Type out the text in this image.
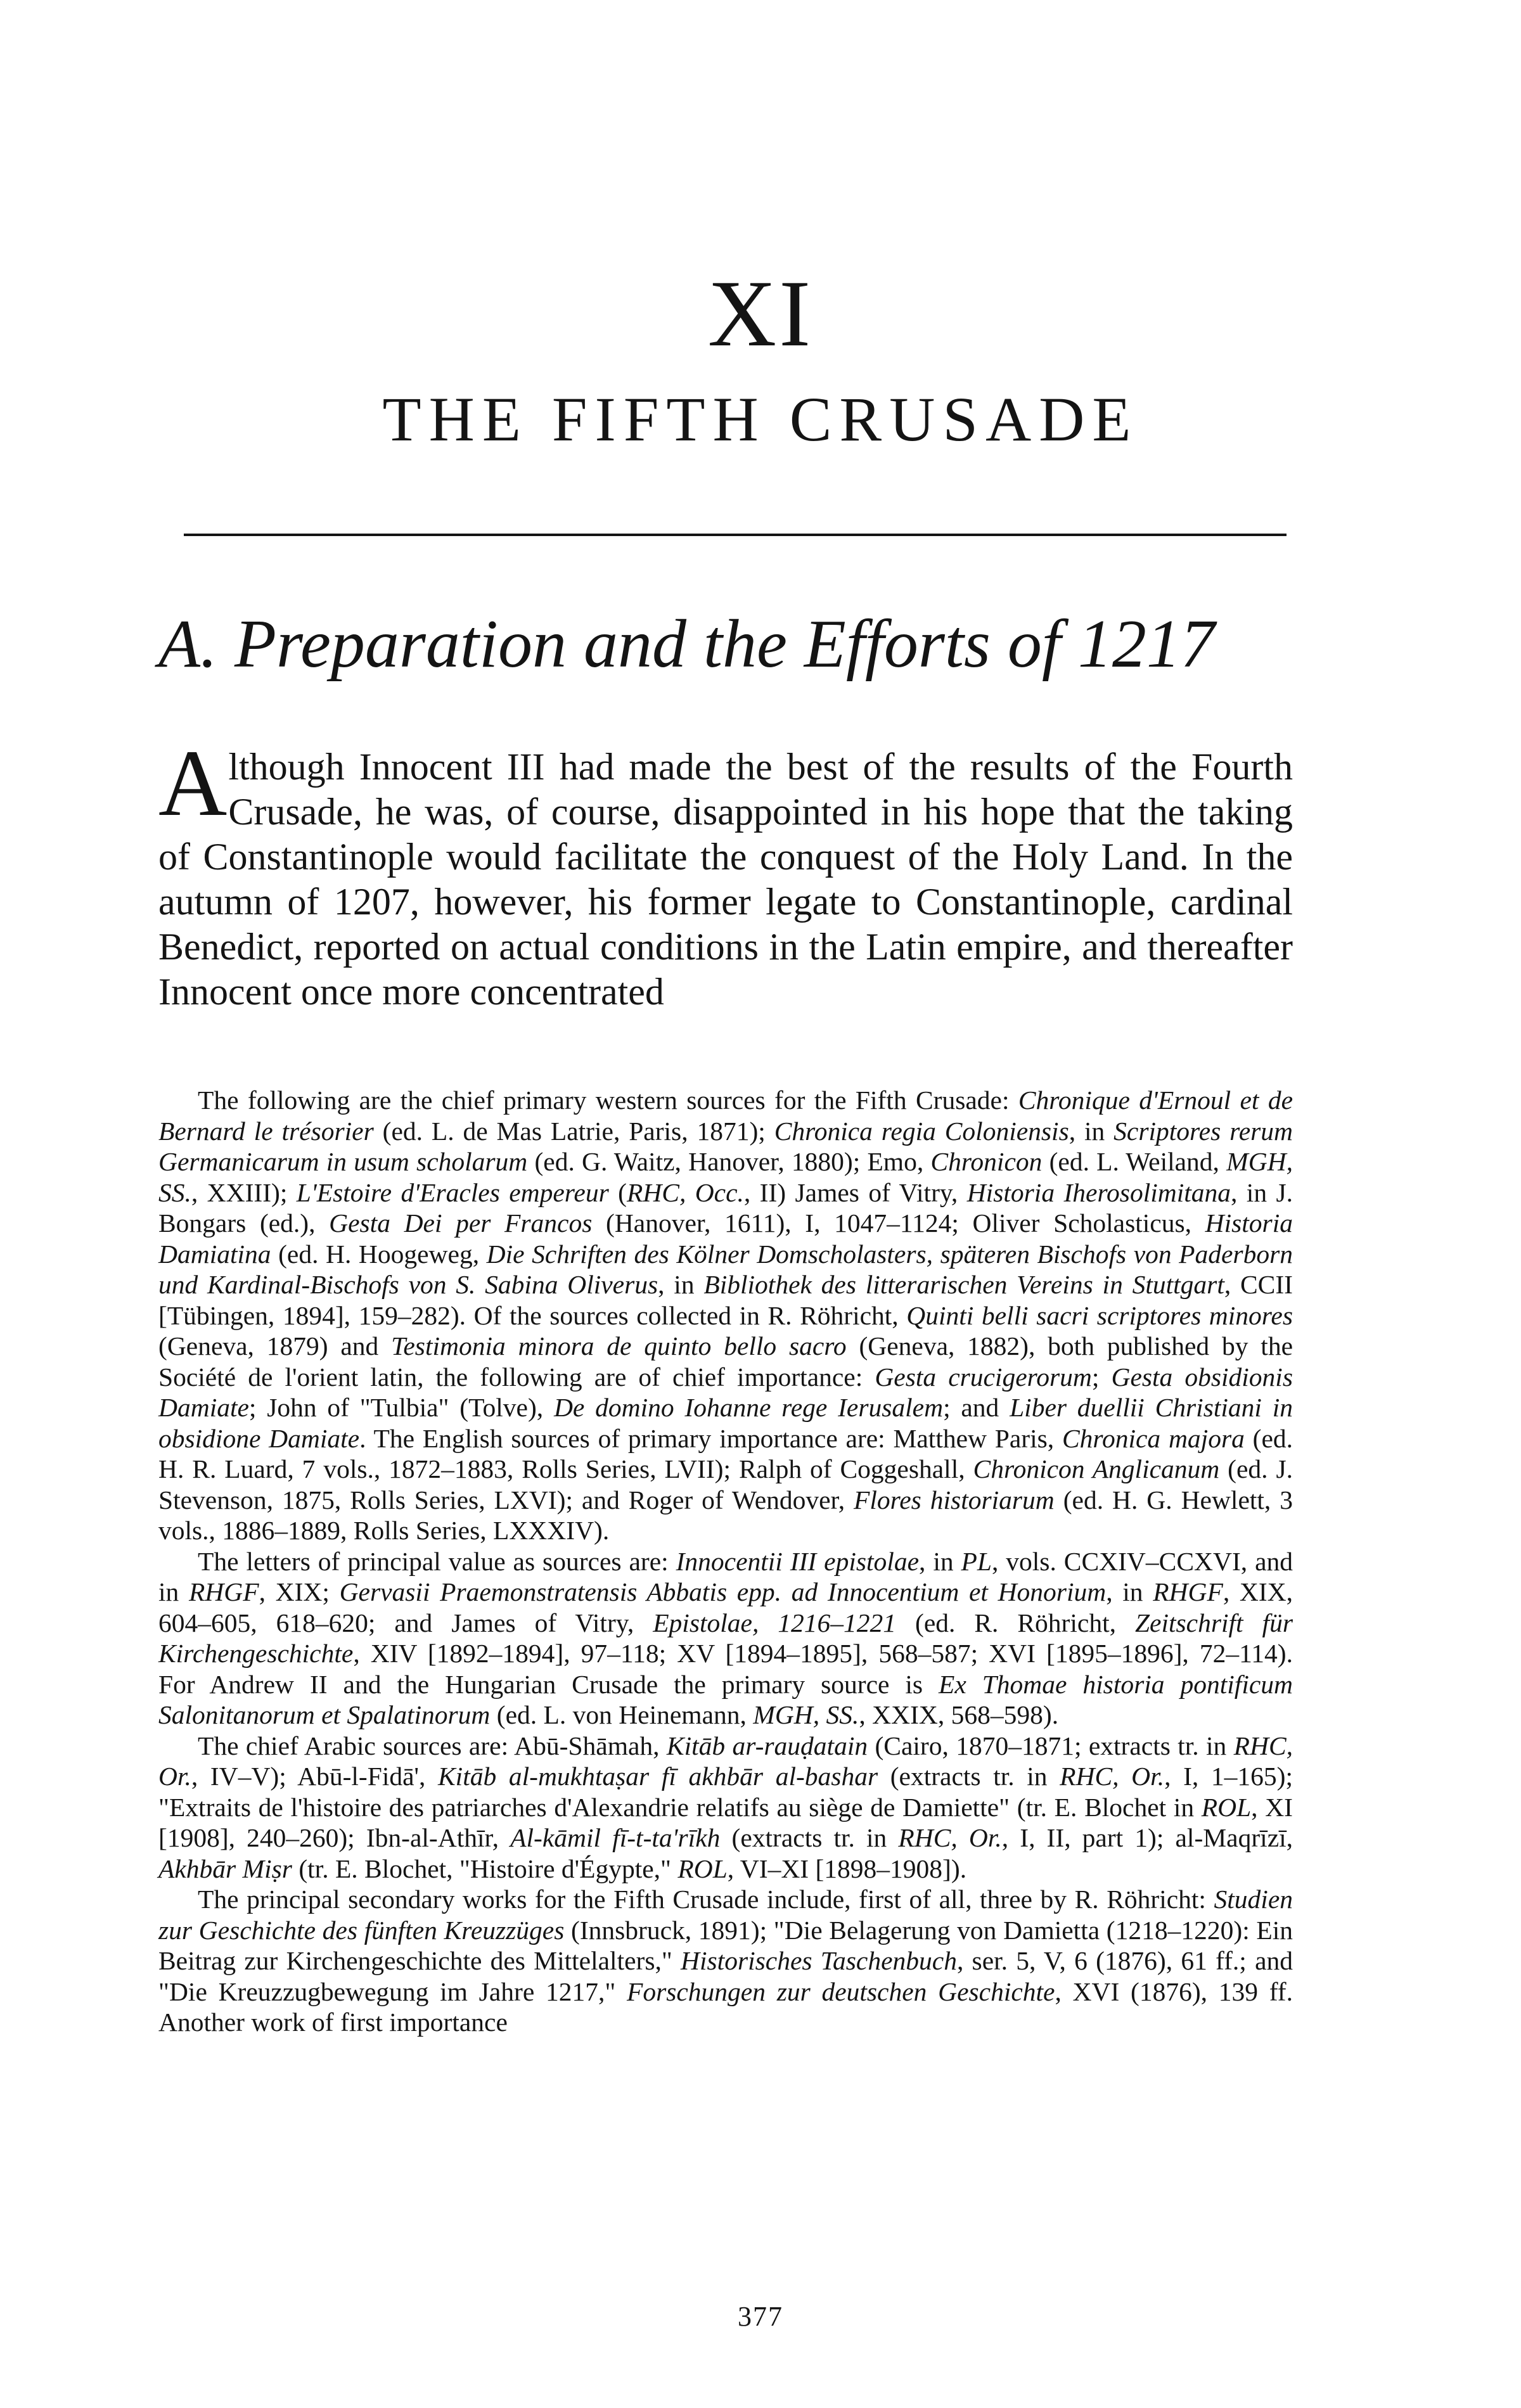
XI
THE FIFTH CRUSADE
A. Preparation and the Efforts of 1217

Although Innocent III had made the best of the results of the Fourth Crusade, he was, of course, disappointed in his hope that the taking of Constantinople would facilitate the conquest of the Holy Land. In the autumn of 1207, however, his former legate to Constantinople, cardinal Benedict, reported on actual conditions in the Latin empire, and thereafter Innocent once more concentrated

The following are the chief primary western sources for the Fifth Crusade: Chronique d'Ernoul et de Bernard le trésorier (ed. L. de Mas Latrie, Paris, 1871); Chronica regia Coloniensis, in Scriptores rerum Germanicarum in usum scholarum (ed. G. Waitz, Hanover, 1880); Emo, Chronicon (ed. L. Weiland, MGH, SS., XXIII); L'Estoire d'Eracles empereur (RHC, Occ., II) James of Vitry, Historia Iherosolimitana, in J. Bongars (ed.), Gesta Dei per Francos (Hanover, 1611), I, 1047–1124; Oliver Scholasticus, Historia Damiatina (ed. H. Hoogeweg, Die Schriften des Kölner Domscholasters, späteren Bischofs von Paderborn und Kardinal-Bischofs von S. Sabina Oliverus, in Bibliothek des litterarischen Vereins in Stuttgart, CCII [Tübingen, 1894], 159–282). Of the sources collected in R. Röhricht, Quinti belli sacri scriptores minores (Geneva, 1879) and Testimonia minora de quinto bello sacro (Geneva, 1882), both published by the Société de l'orient latin, the following are of chief importance: Gesta crucigerorum; Gesta obsidionis Damiate; John of "Tulbia" (Tolve), De domino Iohanne rege Ierusalem; and Liber duellii Christiani in obsidione Damiate. The English sources of primary importance are: Matthew Paris, Chronica majora (ed. H. R. Luard, 7 vols., 1872–1883, Rolls Series, LVII); Ralph of Coggeshall, Chronicon Anglicanum (ed. J. Stevenson, 1875, Rolls Series, LXVI); and Roger of Wendover, Flores historiarum (ed. H. G. Hewlett, 3 vols., 1886–1889, Rolls Series, LXXXIV).

The letters of principal value as sources are: Innocentii III epistolae, in PL, vols. CCXIV–CCXVI, and in RHGF, XIX; Gervasii Praemonstratensis Abbatis epp. ad Innocentium et Honorium, in RHGF, XIX, 604–605, 618–620; and James of Vitry, Epistolae, 1216–1221 (ed. R. Röhricht, Zeitschrift für Kirchengeschichte, XIV [1892–1894], 97–118; XV [1894–1895], 568–587; XVI [1895–1896], 72–114). For Andrew II and the Hungarian Crusade the primary source is Ex Thomae historia pontificum Salonitanorum et Spalatinorum (ed. L. von Heinemann, MGH, SS., XXIX, 568–598).

The chief Arabic sources are: Abū-Shāmah, Kitāb ar-rauḍatain (Cairo, 1870–1871; extracts tr. in RHC, Or., IV–V); Abū-l-Fidā', Kitāb al-mukhtaṣar fī akhbār al-bashar (extracts tr. in RHC, Or., I, 1–165); "Extraits de l'histoire des patriarches d'Alexandrie relatifs au siège de Damiette" (tr. E. Blochet in ROL, XI [1908], 240–260); Ibn-al-Athīr, Al-kāmil fī-t-ta'rīkh (extracts tr. in RHC, Or., I, II, part 1); al-Maqrīzī, Akhbār Miṣr (tr. E. Blochet, "Histoire d'Égypte," ROL, VI–XI [1898–1908]).

The principal secondary works for the Fifth Crusade include, first of all, three by R. Röhricht: Studien zur Geschichte des fünften Kreuzzüges (Innsbruck, 1891); "Die Belagerung von Damietta (1218–1220): Ein Beitrag zur Kirchengeschichte des Mittelalters," Historisches Taschenbuch, ser. 5, V, 6 (1876), 61 ff.; and "Die Kreuzzugbewegung im Jahre 1217," Forschungen zur deutschen Geschichte, XVI (1876), 139 ff. Another work of first importance

377
